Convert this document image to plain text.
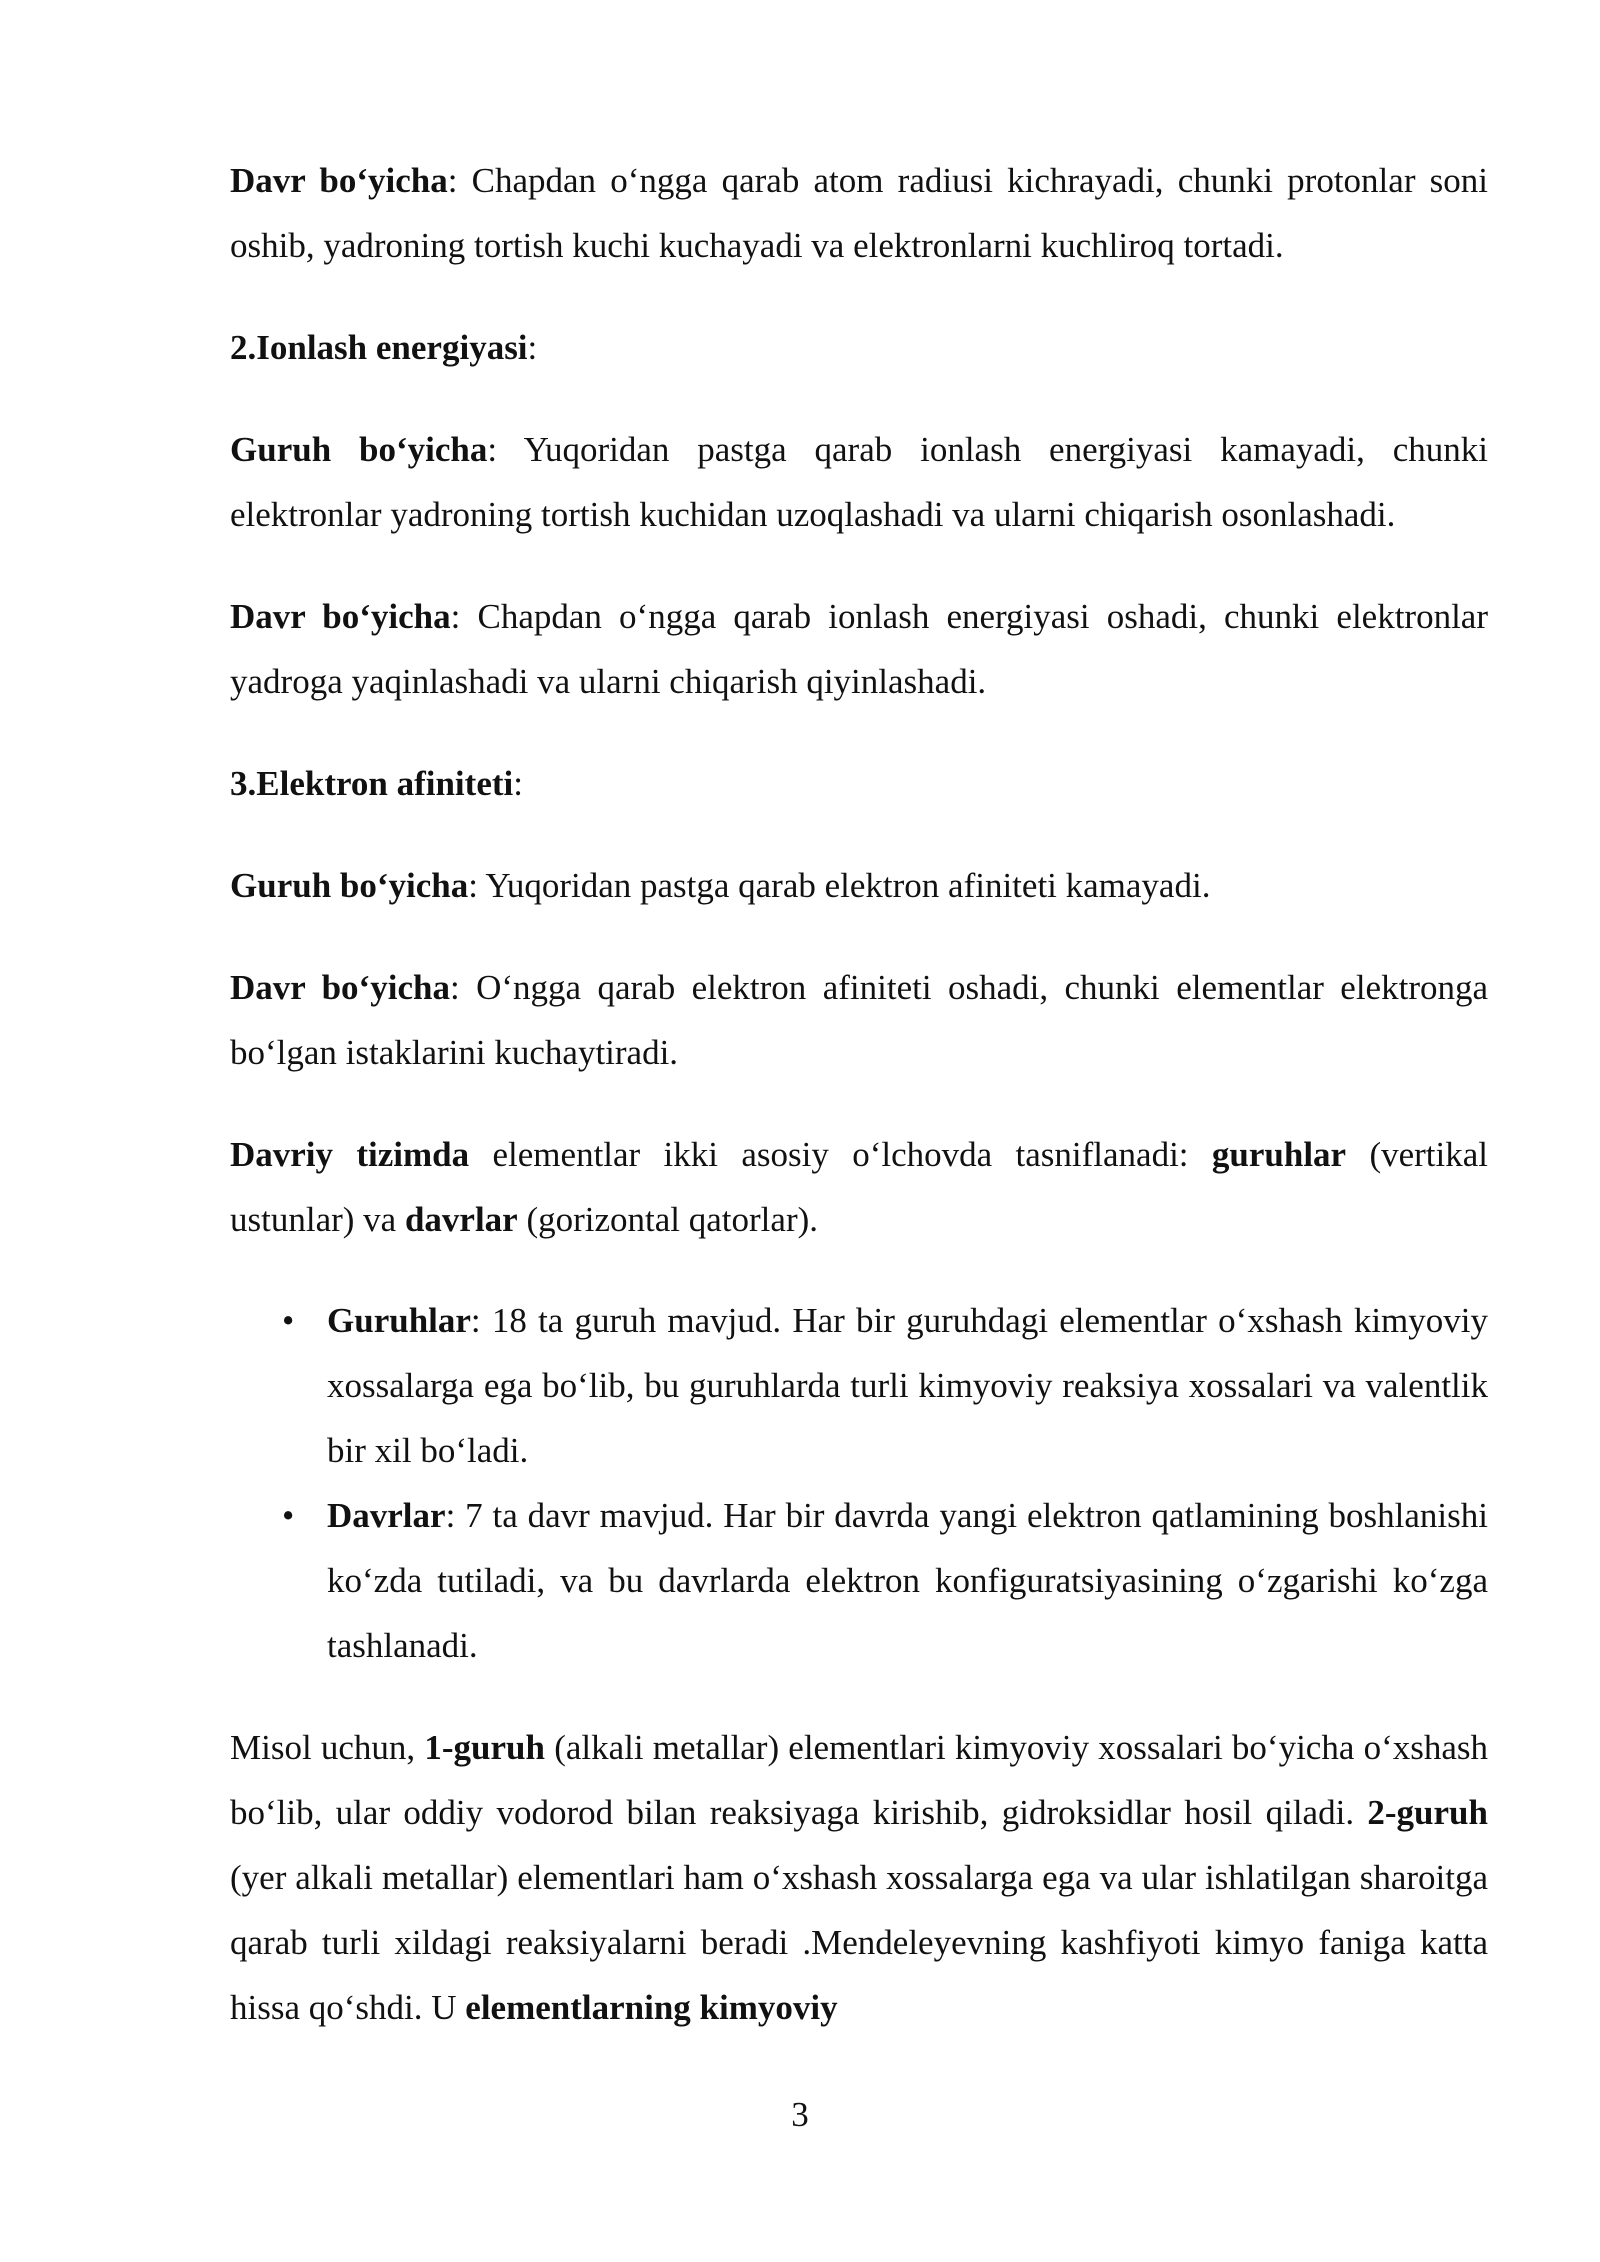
Davr bo‘yicha: Chapdan o‘ngga qarab atom radiusi kichrayadi, chunki protonlar soni oshib, yadroning tortish kuchi kuchayadi va elektronlarni kuchliroq tortadi.

2.Ionlash energiyasi:

Guruh bo‘yicha: Yuqoridan pastga qarab ionlash energiyasi kamayadi, chunki elektronlar yadroning tortish kuchidan uzoqlashadi va ularni chiqarish osonlashadi.

Davr bo‘yicha: Chapdan o‘ngga qarab ionlash energiyasi oshadi, chunki elektronlar yadroga yaqinlashadi va ularni chiqarish qiyinlashadi.

3.Elektron afiniteti:

Guruh bo‘yicha: Yuqoridan pastga qarab elektron afiniteti kamayadi.

Davr bo‘yicha: O‘ngga qarab elektron afiniteti oshadi, chunki elementlar elektronga bo‘lgan istaklarini kuchaytiradi.

Davriy tizimda elementlar ikki asosiy o‘lchovda tasniflanadi: guruhlar (vertikal ustunlar) va davrlar (gorizontal qatorlar).

• Guruhlar: 18 ta guruh mavjud. Har bir guruhdagi elementlar o‘xshash kimyoviy xossalarga ega bo‘lib, bu guruhlarda turli kimyoviy reaksiya xossalari va valentlik bir xil bo‘ladi.
• Davrlar: 7 ta davr mavjud. Har bir davrda yangi elektron qatlamining boshlanishi ko‘zda tutiladi, va bu davrlarda elektron konfiguratsiyasining o‘zgarishi ko‘zga tashlanadi.

Misol uchun, 1-guruh (alkali metallar) elementlari kimyoviy xossalari bo‘yicha o‘xshash bo‘lib, ular oddiy vodorod bilan reaksiyaga kirishib, gidroksidlar hosil qiladi. 2-guruh (yer alkali metallar) elementlari ham o‘xshash xossalarga ega va ular ishlatilgan sharoitga qarab turli xildagi reaksiyalarni beradi .Mendeleyevning kashfiyoti kimyo faniga katta hissa qo‘shdi. U elementlarning kimyoviy

3
